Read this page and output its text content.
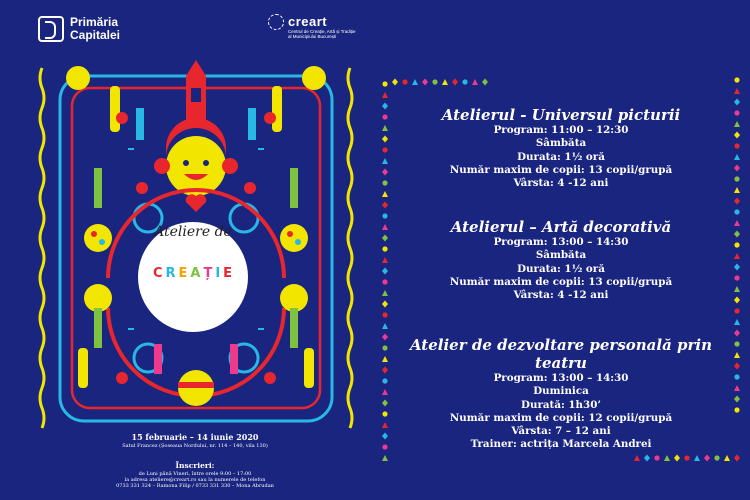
Primăria
Capitalei
creart
Centrul de Creație, Artă și Tradiție al Municipiului București
Ateliere de
C R E A Ț I E
15 februarie – 14 iunie 2020
Satul Francez (Șoseaua Nordului, nr. 114 – 140, vila 130)
Înscrieri:
de Luni până Vineri, între orele 9:00 – 17:00
la adresa ateliere@creart.ro sau la numerele de telefon
0733 331 324 – Ramona Filip / 0733 331 330 – Mona Abrudan
Atelierul - Universul picturii
Program: 11:00 – 12:30
Sâmbăta
Durata: 1½ oră
Număr maxim de copii: 13 copii/grupă
Vârsta: 4 -12 ani
Atelierul – Artă decorativă
Program: 13:00 – 14:30
Sâmbăta
Durata: 1½ oră
Număr maxim de copii: 13 copii/grupă
Vârsta: 4 -12 ani
Atelier de dezvoltare personală prin teatru
Program: 13:00 – 14:30
Duminica
Durată: 1h30’
Număr maxim de copii: 12 copii/grupă
Vârsta: 7 – 12 ani
Trainer: actrița Marcela Andrei
